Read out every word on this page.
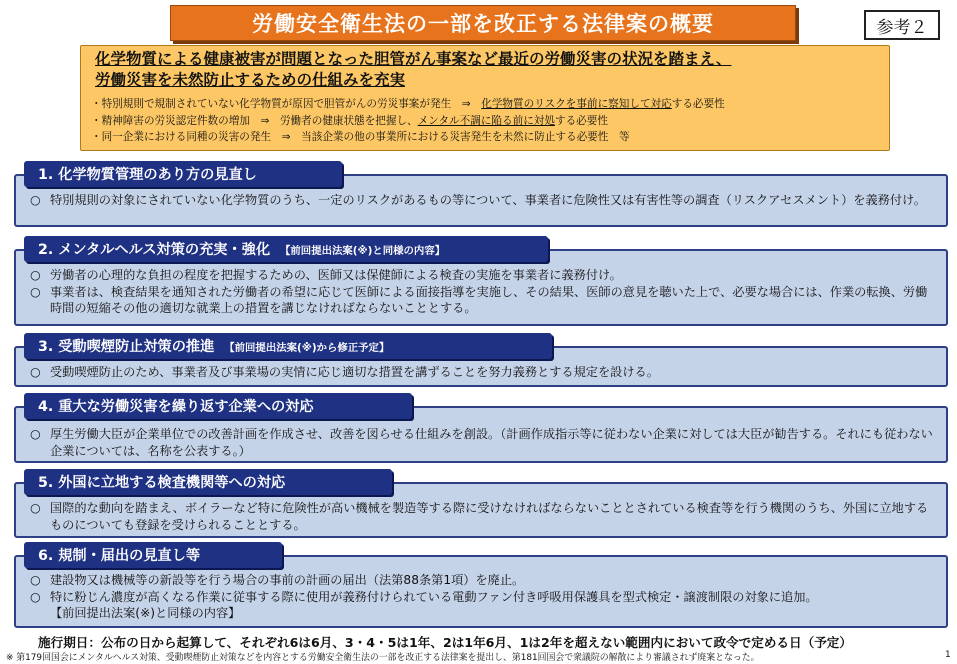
労働安全衛生法の一部を改正する法律案の概要	参考２
化学物質による健康被害が問題となった胆管がん事案など最近の労働災害の状況を踏まえ、
労働災害を未然防止するための仕組みを充実
・特別規則で規制されていない化学物質が原因で胆管がんの労災事案が発生　⇒　化学物質のリスクを事前に察知して対応する必要性
・精神障害の労災認定件数の増加　⇒　労働者の健康状態を把握し、メンタル不調に陥る前に対処する必要性
・同一企業における同種の災害の発生　⇒　当該企業の他の事業所における災害発生を未然に防止する必要性　等
○ 特別規則の対象にされていない化学物質のうち、一定のリスクがあるもの等について、事業者に危険性又は有害性等の調査（リスクアセスメント）を義務付け。
1. 化学物質管理のあり方の見直し
○ 労働者の心理的な負担の程度を把握するための、医師又は保健師による検査の実施を事業者に義務付け。
○ 事業者は、検査結果を通知された労働者の希望に応じて医師による面接指導を実施し、その結果、医師の意見を聴いた上で、必要な場合には、作業の転換、労働時間の短縮その他の適切な就業上の措置を講じなければならないこととする。
2. メンタルヘルス対策の充実・強化 【前回提出法案(※)と同様の内容】
○ 受動喫煙防止のため、事業者及び事業場の実情に応じ適切な措置を講ずることを努力義務とする規定を設ける。
3. 受動喫煙防止対策の推進 【前回提出法案(※)から修正予定】
○ 厚生労働大臣が企業単位での改善計画を作成させ、改善を図らせる仕組みを創設。（計画作成指示等に従わない企業に対しては大臣が勧告する。それにも従わない企業については、名称を公表する。）
4. 重大な労働災害を繰り返す企業への対応
○ 国際的な動向を踏まえ、ボイラーなど特に危険性が高い機械を製造等する際に受けなければならないこととされている検査等を行う機関のうち、外国に立地するものについても登録を受けられることとする。
5. 外国に立地する検査機関等への対応
○ 建設物又は機械等の新設等を行う場合の事前の計画の届出（法第88条第1項）を廃止。
○ 特に粉じん濃度が高くなる作業に従事する際に使用が義務付けられている電動ファン付き呼吸用保護具を型式検定・譲渡制限の対象に追加。
【前回提出法案(※)と同様の内容】
6. 規制・届出の見直し等
施行期日：公布の日から起算して、それぞれ6は6月、3・4・5は1年、2は1年6月、1は2年を超えない範囲内において政令で定める日（予定）
※ 第179回国会にメンタルヘルス対策、受動喫煙防止対策などを内容とする労働安全衛生法の一部を改正する法律案を提出し、第181回国会で衆議院の解散により審議されず廃案となった。	1
